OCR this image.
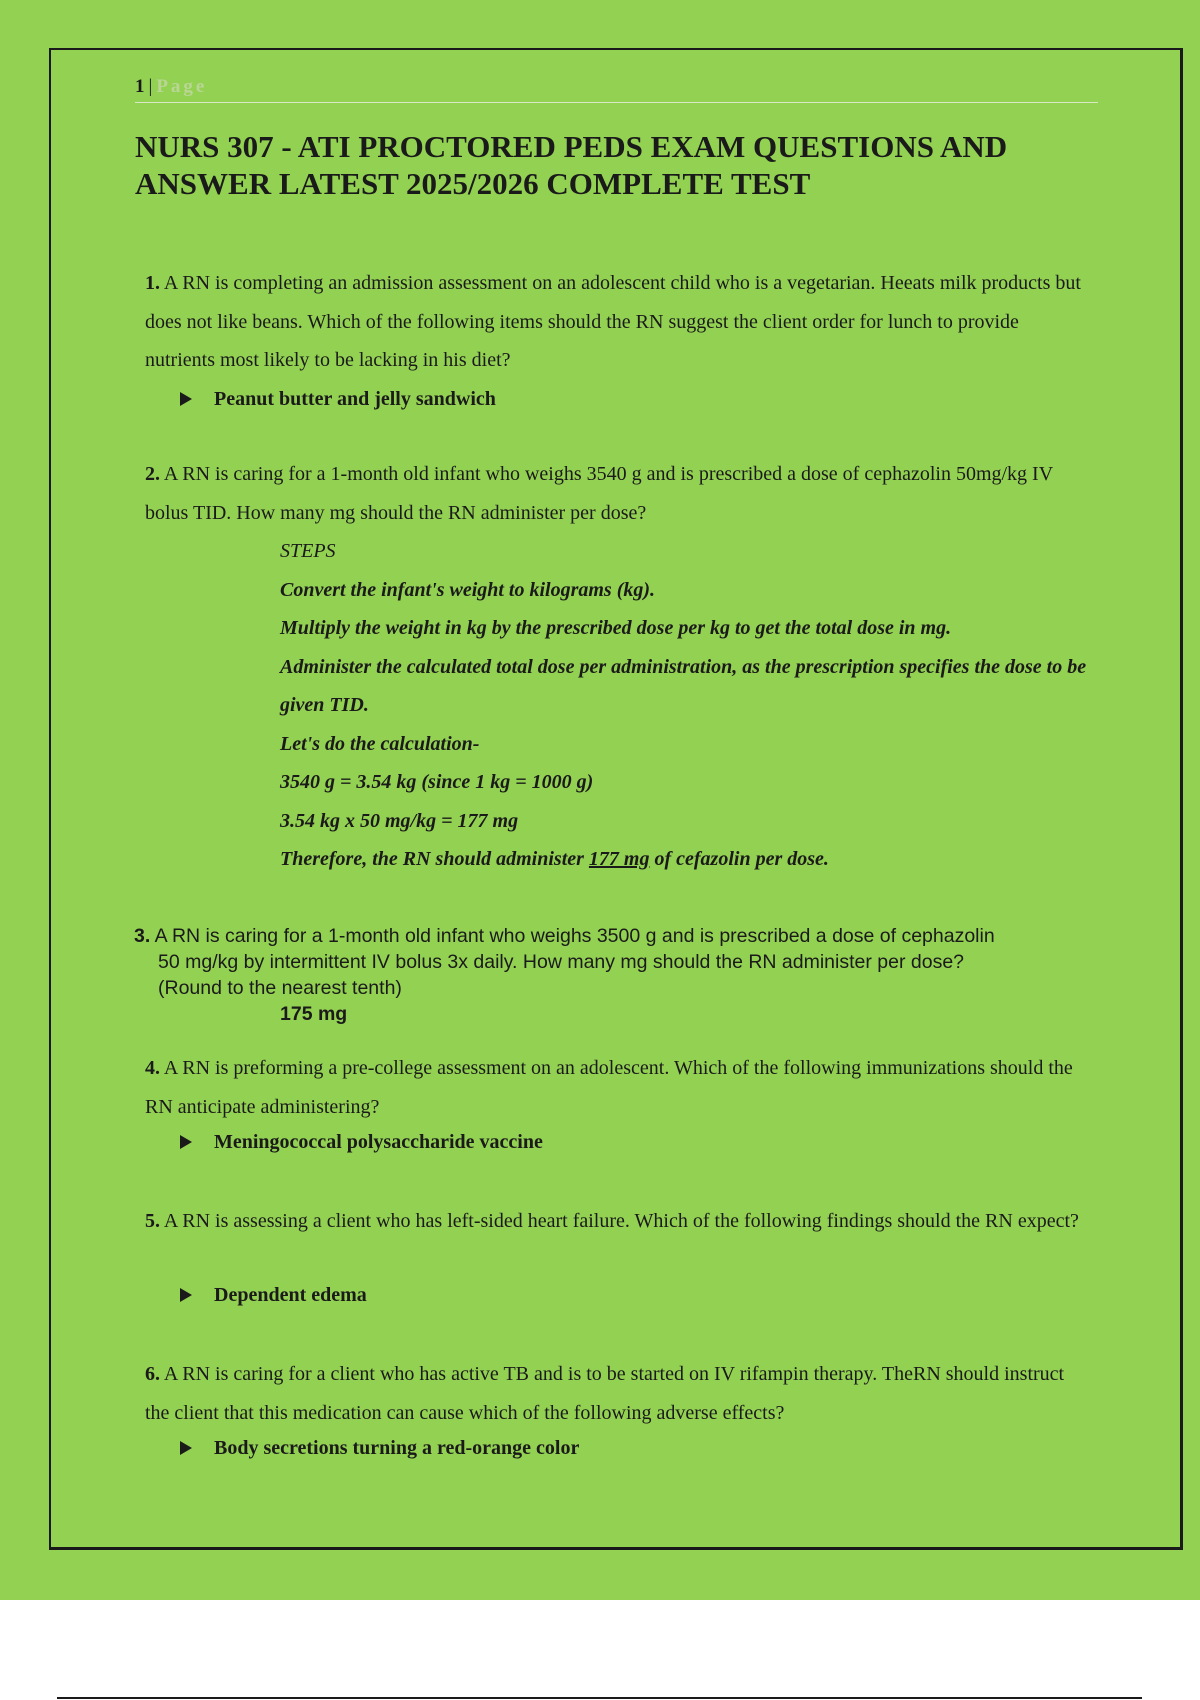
1 | Page
NURS 307 - ATI PROCTORED PEDS EXAM QUESTIONS AND ANSWER LATEST 2025/2026 COMPLETE TEST
1. A RN is completing an admission assessment on an adolescent child who is a vegetarian. Heeats milk products but does not like beans. Which of the following items should the RN suggest the client order for lunch to provide nutrients most likely to be lacking in his diet?
Peanut butter and jelly sandwich
2. A RN is caring for a 1-month old infant who weighs 3540 g and is prescribed a dose of cephazolin 50mg/kg IV bolus TID. How many mg should the RN administer per dose?
STEPS
Convert the infant's weight to kilograms (kg).
Multiply the weight in kg by the prescribed dose per kg to get the total dose in mg.
Administer the calculated total dose per administration, as the prescription specifies the dose to be given TID.
Let's do the calculation-
3540 g = 3.54 kg (since 1 kg = 1000 g)
3.54 kg x 50 mg/kg = 177 mg
Therefore, the RN should administer 177 mg of cefazolin per dose.
3. A RN is caring for a 1-month old infant who weighs 3500 g and is prescribed a dose of cephazolin
50 mg/kg by intermittent IV bolus 3x daily. How many mg should the RN administer per dose?
(Round to the nearest tenth)
175 mg
4. A RN is preforming a pre-college assessment on an adolescent. Which of the following immunizations should the RN anticipate administering?
Meningococcal polysaccharide vaccine
5. A RN is assessing a client who has left-sided heart failure. Which of the following findings should the RN expect?
Dependent edema
6. A RN is caring for a client who has active TB and is to be started on IV rifampin therapy. TheRN should instruct the client that this medication can cause which of the following adverse effects?
Body secretions turning a red-orange color
